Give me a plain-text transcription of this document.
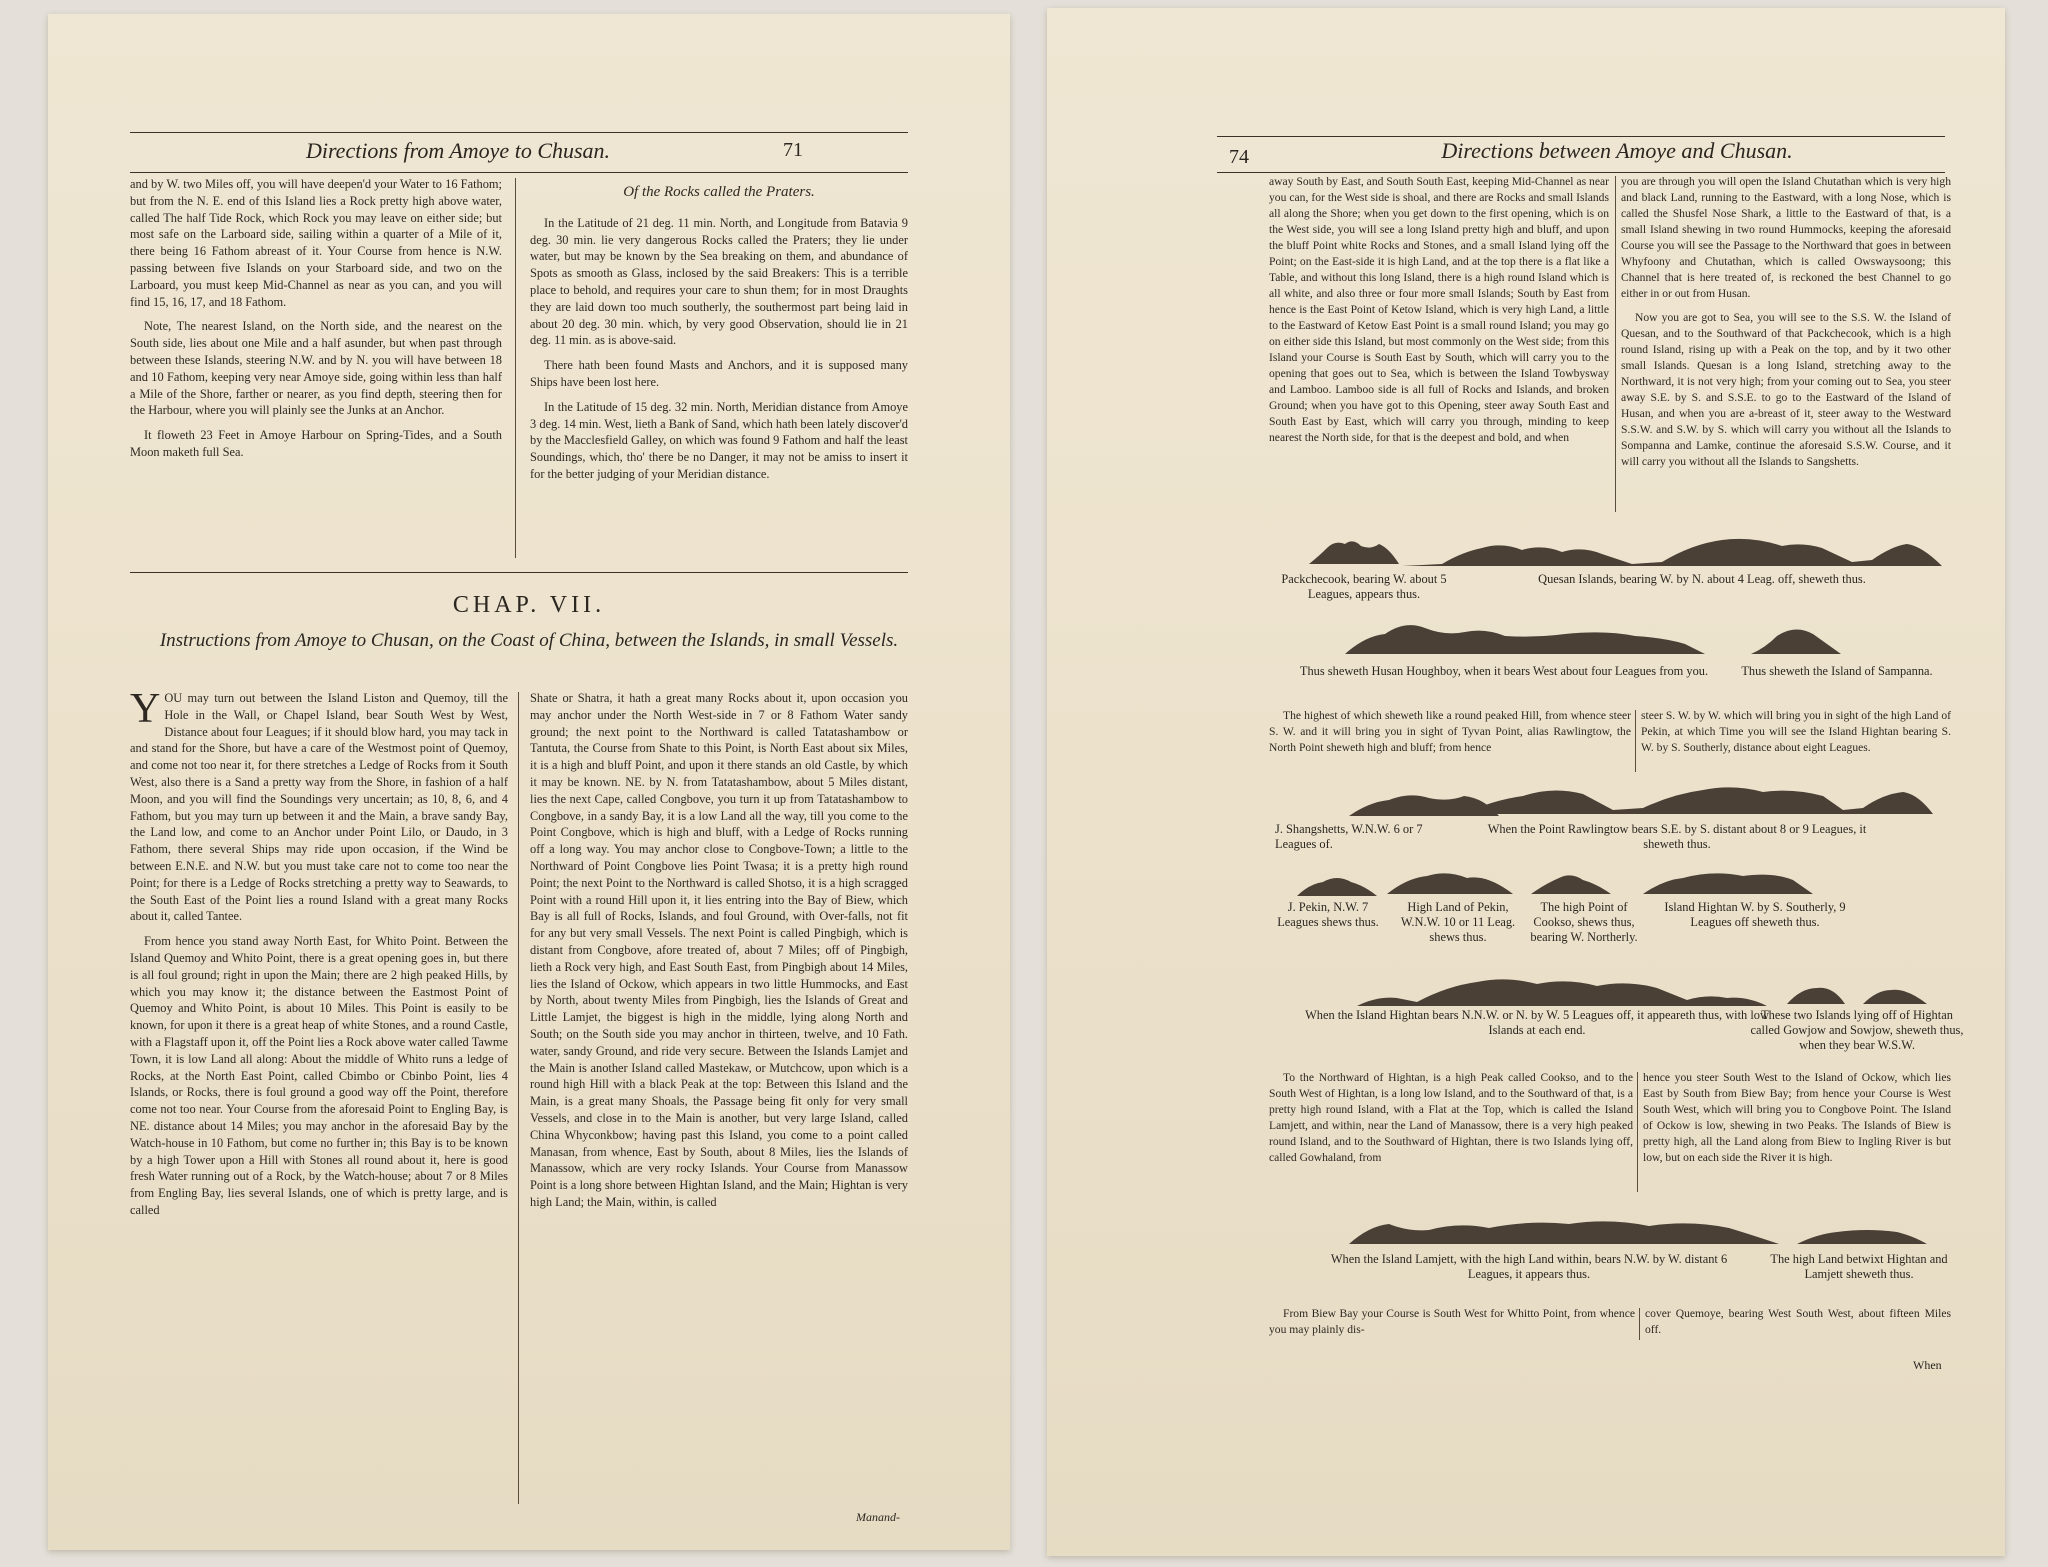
Directions from Amoye to Chusan.	71

and by W. two Miles off, you will have deepen'd your Water to 16 Fathom; but from the N. E. end of this Island lies a Rock pretty high above water, called The half Tide Rock, which Rock you may leave on either side; but most safe on the Larboard side, sailing within a quarter of a Mile of it, there being 16 Fathom abreast of it. Your Course from hence is N.W. passing between five Islands on your Starboard side, and two on the Larboard, you must keep Mid-Channel as near as you can, and you will find 15, 16, 17, and 18 Fathom.

Note, The nearest Island, on the North side, and the nearest on the South side, lies about one Mile and a half asunder, but when past through between these Islands, steering N.W. and by N. you will have between 18 and 10 Fathom, keeping very near Amoye side, going within less than half a Mile of the Shore, farther or nearer, as you find depth, steering then for the Harbour, where you will plainly see the Junks at an Anchor.

It floweth 23 Feet in Amoye Harbour on Spring-Tides, and a South Moon maketh full Sea.

Of the Rocks called the Praters.

In the Latitude of 21 deg. 11 min. North, and Longitude from Batavia 9 deg. 30 min. lie very dangerous Rocks called the Praters; they lie under water, but may be known by the Sea breaking on them, and abundance of Spots as smooth as Glass, inclosed by the said Breakers: This is a terrible place to behold, and requires your care to shun them; for in most Draughts they are laid down too much southerly, the southermost part being laid in about 20 deg. 30 min. which, by very good Observation, should lie in 21 deg. 11 min. as is above-said.

There hath been found Masts and Anchors, and it is supposed many Ships have been lost here.

In the Latitude of 15 deg. 32 min. North, Meridian distance from Amoye 3 deg. 14 min. West, lieth a Bank of Sand, which hath been lately discover'd by the Macclesfield Galley, on which was found 9 Fathom and half the least Soundings, which, tho' there be no Danger, it may not be amiss to insert it for the better judging of your Meridian distance.

CHAP. VII.
Instructions from Amoye to Chusan, on the Coast of China, between the Islands, in small Vessels.

YOU may turn out between the Island Liston and Quemoy, till the Hole in the Wall, or Chapel Island, bear South West by West, Distance about four Leagues; if it should blow hard, you may tack in and stand for the Shore, but have a care of the Westmost point of Quemoy, and come not too near it, for there stretches a Ledge of Rocks from it South West, also there is a Sand a pretty way from the Shore, in fashion of a half Moon, and you will find the Soundings very uncertain; as 10, 8, 6, and 4 Fathom, but you may turn up between it and the Main, a brave sandy Bay, the Land low, and come to an Anchor under Point Lilo, or Daudo, in 3 Fathom, there several Ships may ride upon occasion, if the Wind be between E.N.E. and N.W. but you must take care not to come too near the Point; for there is a Ledge of Rocks stretching a pretty way to Seawards, to the South East of the Point lies a round Island with a great many Rocks about it, called Tantee.

From hence you stand away North East, for Whito Point. Between the Island Quemoy and Whito Point, there is a great opening goes in, but there is all foul ground; right in upon the Main; there are 2 high peaked Hills, by which you may know it; the distance between the Eastmost Point of Quemoy and Whito Point, is about 10 Miles. This Point is easily to be known, for upon it there is a great heap of white Stones, and a round Castle, with a Flagstaff upon it, off the Point lies a Rock above water called Tawme Town, it is low Land all along: About the middle of Whito runs a ledge of Rocks, at the North East Point, called Cbimbo or Cbinbo Point, lies 4 Islands, or Rocks, there is foul ground a good way off the Point, therefore come not too near. Your Course from the aforesaid Point to Engling Bay, is NE. distance about 14 Miles; you may anchor in the aforesaid Bay by the Watch-house in 10 Fathom, but come no further in; this Bay is to be known by a high Tower upon a Hill with Stones all round about it, here is good fresh Water running out of a Rock, by the Watch-house; about 7 or 8 Miles from Engling Bay, lies several Islands, one of which is pretty large, and is called

Shate or Shatra, it hath a great many Rocks about it, upon occasion you may anchor under the North West-side in 7 or 8 Fathom Water sandy ground; the next point to the Northward is called Tatatashambow or Tantuta, the Course from Shate to this Point, is North East about six Miles, it is a high and bluff Point, and upon it there stands an old Castle, by which it may be known. NE. by N. from Tatatashambow, about 5 Miles distant, lies the next Cape, called Congbove, you turn it up from Tatatashambow to Congbove, in a sandy Bay, it is a low Land all the way, till you come to the Point Congbove, which is high and bluff, with a Ledge of Rocks running off a long way. You may anchor close to Congbove-Town; a little to the Northward of Point Congbove lies Point Twasa; it is a pretty high round Point; the next Point to the Northward is called Shotso, it is a high scragged Point with a round Hill upon it, it lies entring into the Bay of Biew, which Bay is all full of Rocks, Islands, and foul Ground, with Over-falls, not fit for any but very small Vessels. The next Point is called Pingbigh, which is distant from Congbove, afore treated of, about 7 Miles; off of Pingbigh, lieth a Rock very high, and East South East, from Pingbigh about 14 Miles, lies the Island of Ockow, which appears in two little Hummocks, and East by North, about twenty Miles from Pingbigh, lies the Islands of Great and Little Lamjet, the biggest is high in the middle, lying along North and South; on the South side you may anchor in thirteen, twelve, and 10 Fath. water, sandy Ground, and ride very secure. Between the Islands Lamjet and the Main is another Island called Mastekaw, or Mutchcow, upon which is a round high Hill with a black Peak at the top: Between this Island and the Main, is a great many Shoals, the Passage being fit only for very small Vessels, and close in to the Main is another, but very large Island, called China Whyconkbow; having past this Island, you come to a point called Manasan, from whence, East by South, about 8 Miles, lies the Islands of Manassow, which are very rocky Islands. Your Course from Manassow Point is a long shore between Hightan Island, and the Main; Hightan is very high Land; the Main, within, is called

Manand-
74	Directions between Amoye and Chusan.

away South by East, and South South East, keeping Mid-Channel as near you can, for the West side is shoal, and there are Rocks and small Islands all along the Shore; when you get down to the first opening, which is on the West side, you will see a long Island pretty high and bluff, and upon the bluff Point white Rocks and Stones, and a small Island lying off the Point; on the East-side it is high Land, and at the top there is a flat like a Table, and without this long Island, there is a high round Island which is all white, and also three or four more small Islands; South by East from hence is the East Point of Ketow Island, which is very high Land, a little to the Eastward of Ketow East Point is a small round Island; you may go on either side this Island, but most commonly on the West side; from this Island your Course is South East by South, which will carry you to the opening that goes out to Sea, which is between the Island Towbysway and Lamboo. Lamboo side is all full of Rocks and Islands, and broken Ground; when you have got to this Opening, steer away South East and South East by East, which will carry you through, minding to keep nearest the North side, for that is the deepest and bold, and when

you are through you will open the Island Chutathan which is very high and black Land, running to the Eastward, with a long Nose, which is called the Shusfel Nose Shark, a little to the Eastward of that, is a small Island shewing in two round Hummocks, keeping the aforesaid Course you will see the Passage to the Northward that goes in between Whyfoony and Chutathan, which is called Owswaysoong; this Channel that is here treated of, is reckoned the best Channel to go either in or out from Husan.

Now you are got to Sea, you will see to the S.S. W. the Island of Quesan, and to the Southward of that Packchecook, which is a high round Island, rising up with a Peak on the top, and by it two other small Islands. Quesan is a long Island, stretching away to the Northward, it is not very high; from your coming out to Sea, you steer away S.E. by S. and S.S.E. to go to the Eastward of the Island of Husan, and when you are a-breast of it, steer away to the Westward S.S.W. and S.W. by S. which will carry you without all the Islands to Sompanna and Lamke, continue the aforesaid S.S.W. Course, and it will carry you without all the Islands to Sangshetts.

Packchecook, bearing W. about 5 Leagues, appears thus.
Quesan Islands, bearing W. by N. about 4 Leag. off, sheweth thus.
Thus sheweth Husan Houghboy, when it bears West about four Leagues from you.	Thus sheweth the Island of Sampanna.

The highest of which sheweth like a round peaked Hill, from whence steer S. W. and it will bring you in sight of Tyvan Point, alias Rawlingtow, the North Point sheweth high and bluff; from hence

steer S. W. by W. which will bring you in sight of the high Land of Pekin, at which Time you will see the Island Hightan bearing S. W. by S. Southerly, distance about eight Leagues.

J. Shangshetts, W.N.W. 6 or 7 Leagues of.
When the Point Rawlingtow bears S.E. by S. distant about 8 or 9 Leagues, it sheweth thus.
J. Pekin, N.W. 7 Leagues shews thus.
High Land of Pekin, W.N.W. 10 or 11 Leag. shews thus.
The high Point of Cookso, shews thus, bearing W. Northerly.
Island Hightan W. by S. Southerly, 9 Leagues off sheweth thus.
When the Island Hightan bears N.N.W. or N. by W. 5 Leagues off, it appeareth thus, with low Islands at each end.
These two Islands lying off of Hightan called Gowjow and Sowjow, sheweth thus, when they bear W.S.W.

To the Northward of Hightan, is a high Peak called Cookso, and to the South West of Hightan, is a long low Island, and to the Southward of that, is a pretty high round Island, with a Flat at the Top, which is called the Island Lamjett, and within, near the Land of Manassow, there is a very high peaked round Island, and to the Southward of Hightan, there is two Islands lying off, called Gowhaland, from

hence you steer South West to the Island of Ockow, which lies East by South from Biew Bay; from hence your Course is West South West, which will bring you to Congbove Point. The Island of Ockow is low, shewing in two Peaks. The Islands of Biew is pretty high, all the Land along from Biew to Ingling River is but low, but on each side the River it is high.

When the Island Lamjett, with the high Land within, bears N.W. by W. distant 6 Leagues, it appears thus.
The high Land betwixt Hightan and Lamjett sheweth thus.

From Biew Bay your Course is South West for Whitto Point, from whence you may plainly dis-

cover Quemoye, bearing West South West, about fifteen Miles off.

When
